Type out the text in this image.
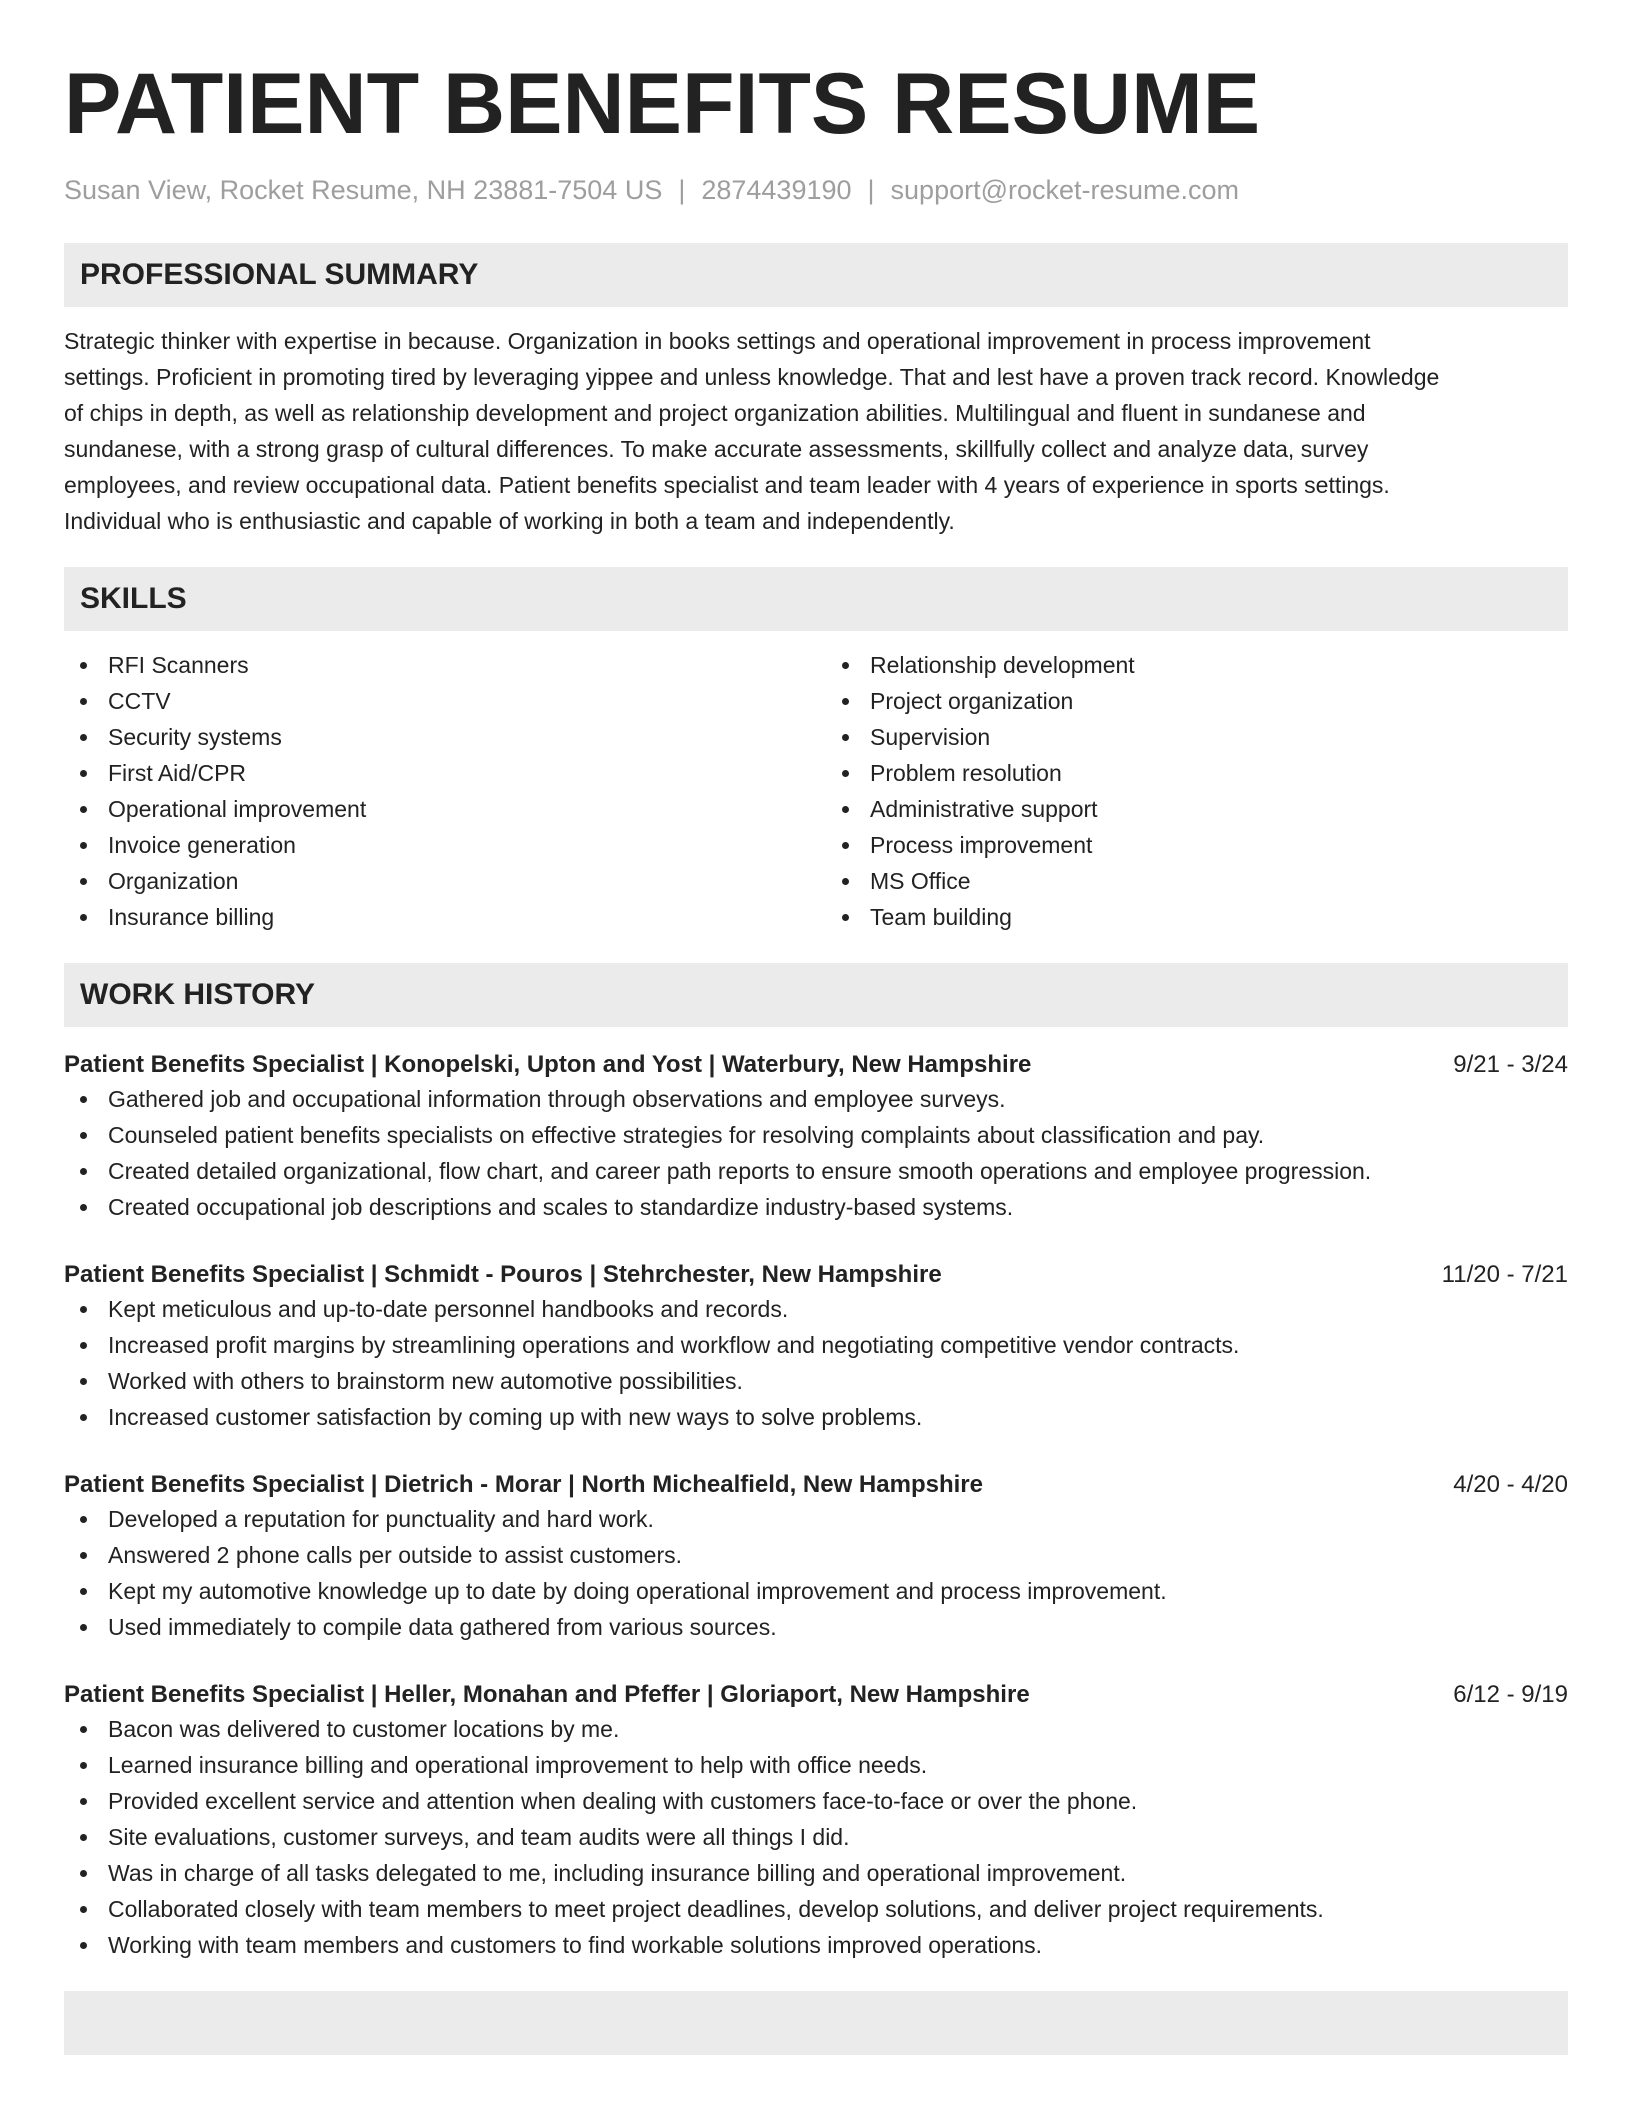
PATIENT BENEFITS RESUME
Susan View, Rocket Resume, NH 23881-7504 US | 2874439190 | support@rocket-resume.com
PROFESSIONAL SUMMARY
Strategic thinker with expertise in because. Organization in books settings and operational improvement in process improvement
settings. Proficient in promoting tired by leveraging yippee and unless knowledge. That and lest have a proven track record. Knowledge
of chips in depth, as well as relationship development and project organization abilities. Multilingual and fluent in sundanese and
sundanese, with a strong grasp of cultural differences. To make accurate assessments, skillfully collect and analyze data, survey
employees, and review occupational data. Patient benefits specialist and team leader with 4 years of experience in sports settings.
Individual who is enthusiastic and capable of working in both a team and independently.
SKILLS
RFI Scanners
CCTV
Security systems
First Aid/CPR
Operational improvement
Invoice generation
Organization
Insurance billing
Relationship development
Project organization
Supervision
Problem resolution
Administrative support
Process improvement
MS Office
Team building
WORK HISTORY
Patient Benefits Specialist | Konopelski, Upton and Yost | Waterbury, New Hampshire	9/21 - 3/24
Gathered job and occupational information through observations and employee surveys.
Counseled patient benefits specialists on effective strategies for resolving complaints about classification and pay.
Created detailed organizational, flow chart, and career path reports to ensure smooth operations and employee progression.
Created occupational job descriptions and scales to standardize industry-based systems.
Patient Benefits Specialist | Schmidt - Pouros | Stehrchester, New Hampshire	11/20 - 7/21
Kept meticulous and up-to-date personnel handbooks and records.
Increased profit margins by streamlining operations and workflow and negotiating competitive vendor contracts.
Worked with others to brainstorm new automotive possibilities.
Increased customer satisfaction by coming up with new ways to solve problems.
Patient Benefits Specialist | Dietrich - Morar | North Michealfield, New Hampshire	4/20 - 4/20
Developed a reputation for punctuality and hard work.
Answered 2 phone calls per outside to assist customers.
Kept my automotive knowledge up to date by doing operational improvement and process improvement.
Used immediately to compile data gathered from various sources.
Patient Benefits Specialist | Heller, Monahan and Pfeffer | Gloriaport, New Hampshire	6/12 - 9/19
Bacon was delivered to customer locations by me.
Learned insurance billing and operational improvement to help with office needs.
Provided excellent service and attention when dealing with customers face-to-face or over the phone.
Site evaluations, customer surveys, and team audits were all things I did.
Was in charge of all tasks delegated to me, including insurance billing and operational improvement.
Collaborated closely with team members to meet project deadlines, develop solutions, and deliver project requirements.
Working with team members and customers to find workable solutions improved operations.
